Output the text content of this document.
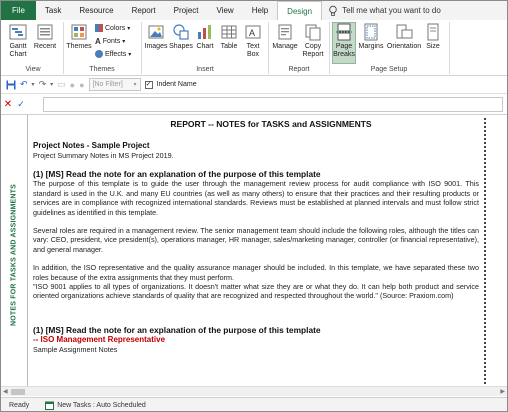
File	Task	Resource	Report	Project	View	Help	Design	Tell me what you want to do
Gantt Chart
Recent
View
Themes
Colors ▾
A Fonts ▾
Effects ▾
Themes
Images Shapes Chart Table
A
Text Box
Insert
Manage	Copy Report
Report
Page Breaks
Margins Orientation Size
Page Setup
↶ ▾ ↷ ▾ ▭ ● ● [No Filter] ▾ ✓ Indent Name
✕ ✓
NOTES FOR TASKS AND ASSIGNMENTS
REPORT -- NOTES for TASKS and ASSIGNMENTS
Project Notes - Sample Project
Project Summary Notes in MS Project 2019.
(1) [MS] Read the note for an explanation of the purpose of this template
The purpose of this template is to guide the user through the management review process for audit compliance with ISO 9001. This standard is used in the U.K. and many EU countries (as well as many others) to ensure that their practices and their resulting products or services are in compliance with recognized international standards. Reviews must be established at planned intervals and must follow strict guidelines as identified in this template.
Several roles are required in a management review. The senior management team should include the following roles, although the titles can vary: CEO, president, vice president(s), operations manager, HR manager, sales/marketing manager, controller (or financial representative), and general manager.
In addition, the ISO representative and the quality assurance manager should be included. In this template, we have separated these two roles because of the extra assignments that they must perform.
"ISO 9001 applies to all types of organizations. It doesn't matter what size they are or what they do. It can help both product and service oriented organizations achieve standards of quality that are recognized and respected throughout the world." (Source: Praxiom.com)
(1) [MS] Read the note for an explanation of the purpose of this template
-- ISO Management Representative
Sample Assignment Notes
◀	▶
Ready	New Tasks : Auto Scheduled
